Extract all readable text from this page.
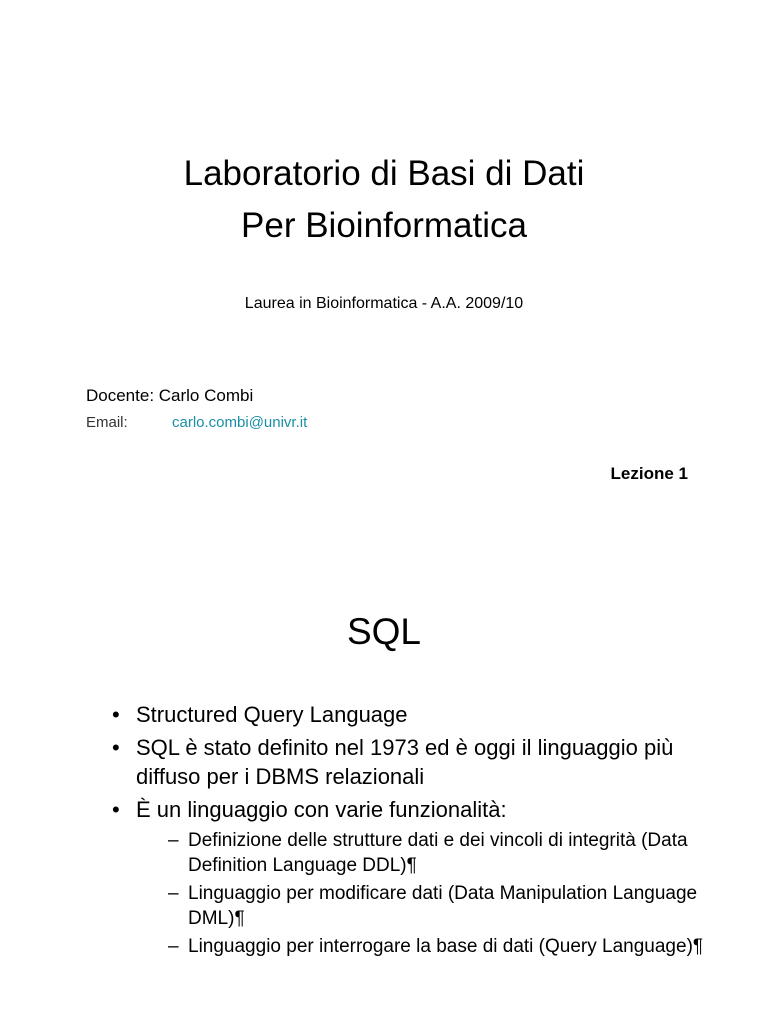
Laboratorio di Basi di Dati
Per Bioinformatica
Laurea in Bioinformatica - A.A. 2009/10
Docente: Carlo Combi
Email:	carlo.combi@univr.it
Lezione 1
SQL
• Structured Query Language
• SQL è stato definito nel 1973 ed è oggi il linguaggio più diffuso per i DBMS relazionali
• È un linguaggio con varie funzionalità:
– Definizione delle strutture dati e dei vincoli di integrità (Data Definition Language DDL)¶
– Linguaggio per modificare dati (Data Manipulation Language DML)¶
– Linguaggio per interrogare la base di dati (Query Language)¶
